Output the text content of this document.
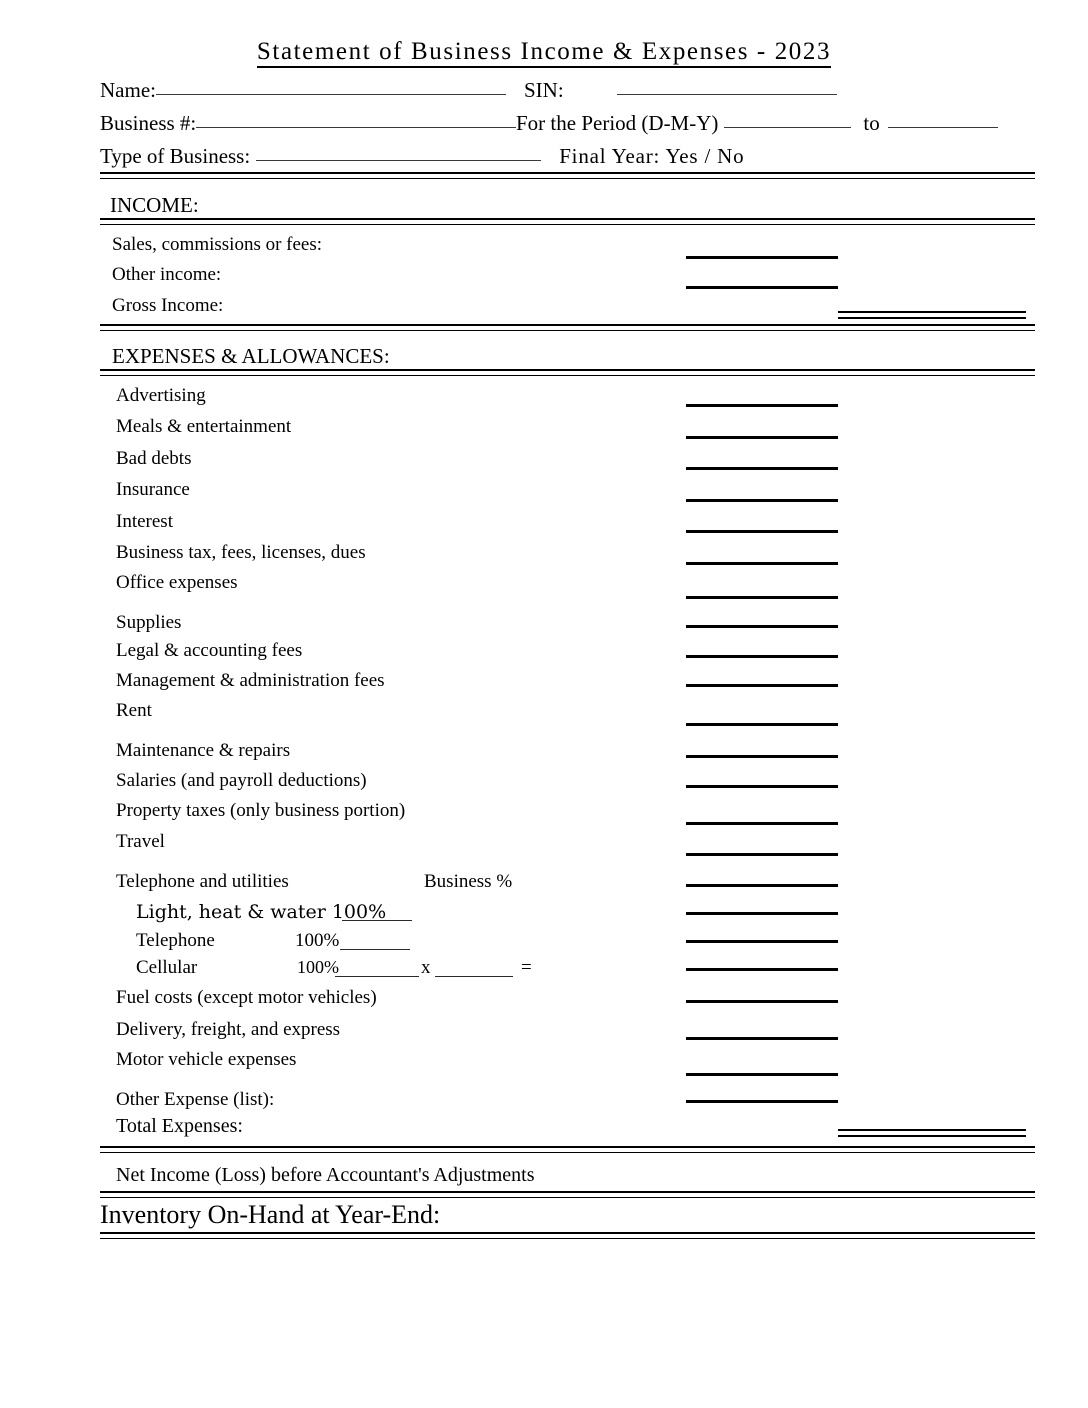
Statement of Business Income & Expenses - 2023
Name:	SIN:
Business #:	For the Period (D-M-Y)	to
Type of Business:	Final Year: Yes / No
INCOME:
Sales, commissions or fees:
Other income:
Gross Income:
EXPENSES & ALLOWANCES:
Advertising
Meals & entertainment
Bad debts
Insurance
Interest
Business tax, fees, licenses, dues
Office expenses
Supplies
Legal & accounting fees
Management & administration fees
Rent
Maintenance & repairs
Salaries (and payroll deductions)
Property taxes (only business portion)
Travel
Telephone and utilities	Business %
Light, heat & water 100%
Telephone	100%
Cellular	100%	x	=
Fuel costs (except motor vehicles)
Delivery, freight, and express
Motor vehicle expenses
Other Expense (list):
Total Expenses:
Net Income (Loss) before Accountant's Adjustments
Inventory On-Hand at Year-End:
